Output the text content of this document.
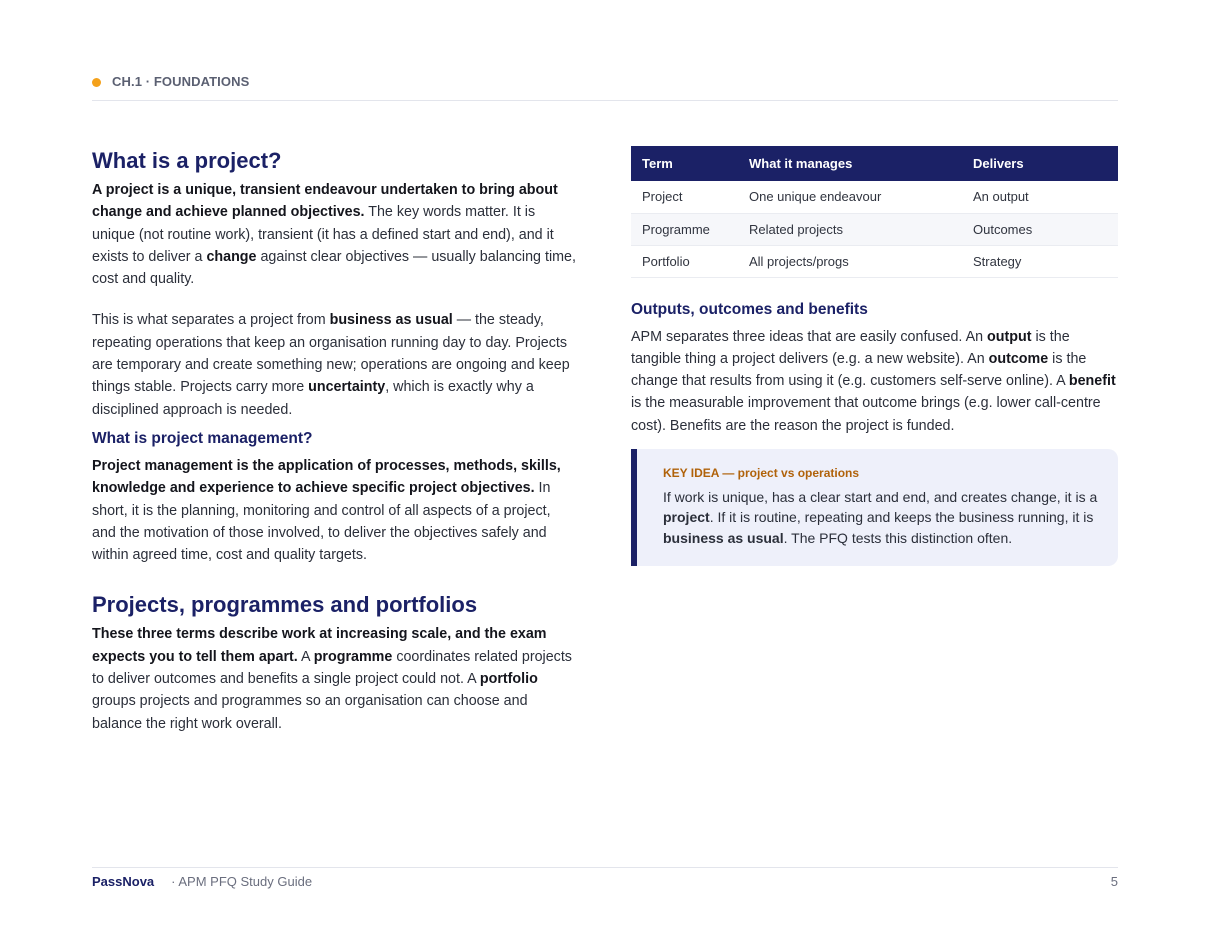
CH.1 · FOUNDATIONS
What is a project?

A project is a unique, transient endeavour undertaken to bring about change and achieve planned objectives. The key words matter. It is unique (not routine work), transient (it has a defined start and end), and it exists to deliver a change against clear objectives — usually balancing time, cost and quality.

This is what separates a project from business as usual — the steady, repeating operations that keep an organisation running day to day. Projects are temporary and create something new; operations are ongoing and keep things stable. Projects carry more uncertainty, which is exactly why a disciplined approach is needed.

What is project management?

Project management is the application of processes, methods, skills, knowledge and experience to achieve specific project objectives. In short, it is the planning, monitoring and control of all aspects of a project, and the motivation of those involved, to deliver the objectives safely and within agreed time, cost and quality targets.

Projects, programmes and portfolios

These three terms describe work at increasing scale, and the exam expects you to tell them apart. A programme coordinates related projects to deliver outcomes and benefits a single project could not. A portfolio groups projects and programmes so an organisation can choose and balance the right work overall.

Term	What it manages	Delivers
Project	One unique endeavour	An output
Programme	Related projects	Outcomes
Portfolio	All projects/progs	Strategy
Outputs, outcomes and benefits

APM separates three ideas that are easily confused. An output is the tangible thing a project delivers (e.g. a new website). An outcome is the change that results from using it (e.g. customers self-serve online). A benefit is the measurable improvement that outcome brings (e.g. lower call-centre cost). Benefits are the reason the project is funded.

KEY IDEA — project vs operations
If work is unique, has a clear start and end, and creates change, it is a project. If it is routine, repeating and keeps the business running, it is business as usual. The PFQ tests this distinction often.
PassNova · APM PFQ Study Guide	5
